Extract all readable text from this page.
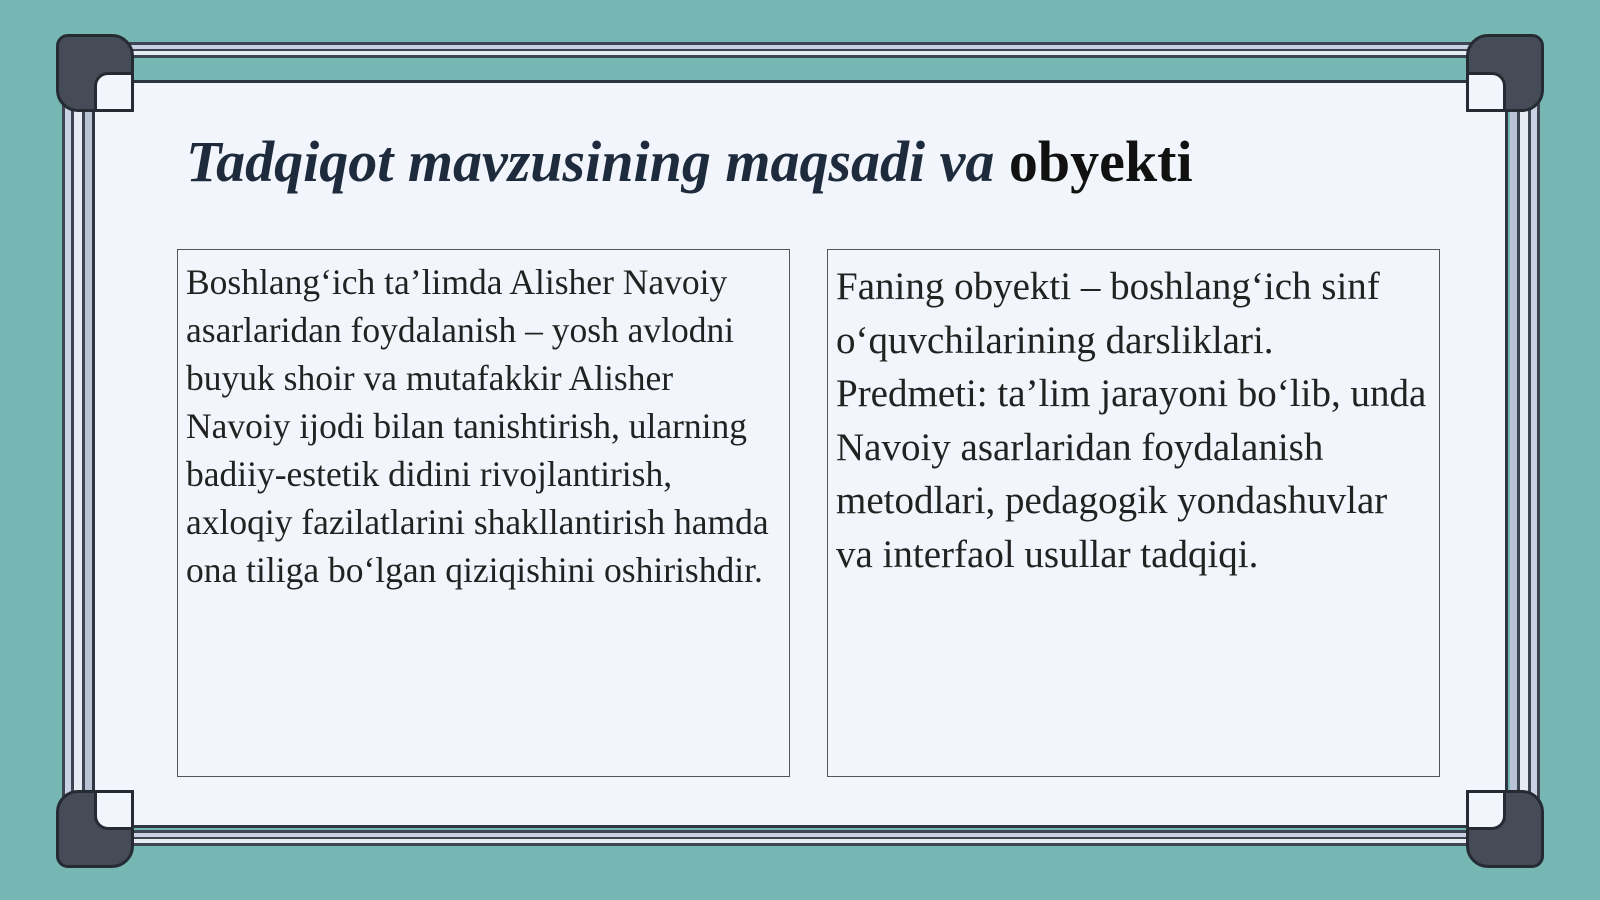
Tadqiqot mavzusining maqsadi va obyekti

Boshlang‘ich ta’limda Alisher Navoiy asarlaridan foydalanish – yosh avlodni buyuk shoir va mutafakkir Alisher Navoiy ijodi bilan tanishtirish, ularning badiiy-estetik didini rivojlantirish, axloqiy fazilatlarini shakllantirish hamda ona tiliga bo‘lgan qiziqishini oshirishdir.

Faning obyekti – boshlang‘ich sinf o‘quvchilarining darsliklari. Predmeti: ta’lim jarayoni bo‘lib, unda Navoiy asarlaridan foydalanish metodlari, pedagogik yondashuvlar va interfaol usullar tadqiqi.
